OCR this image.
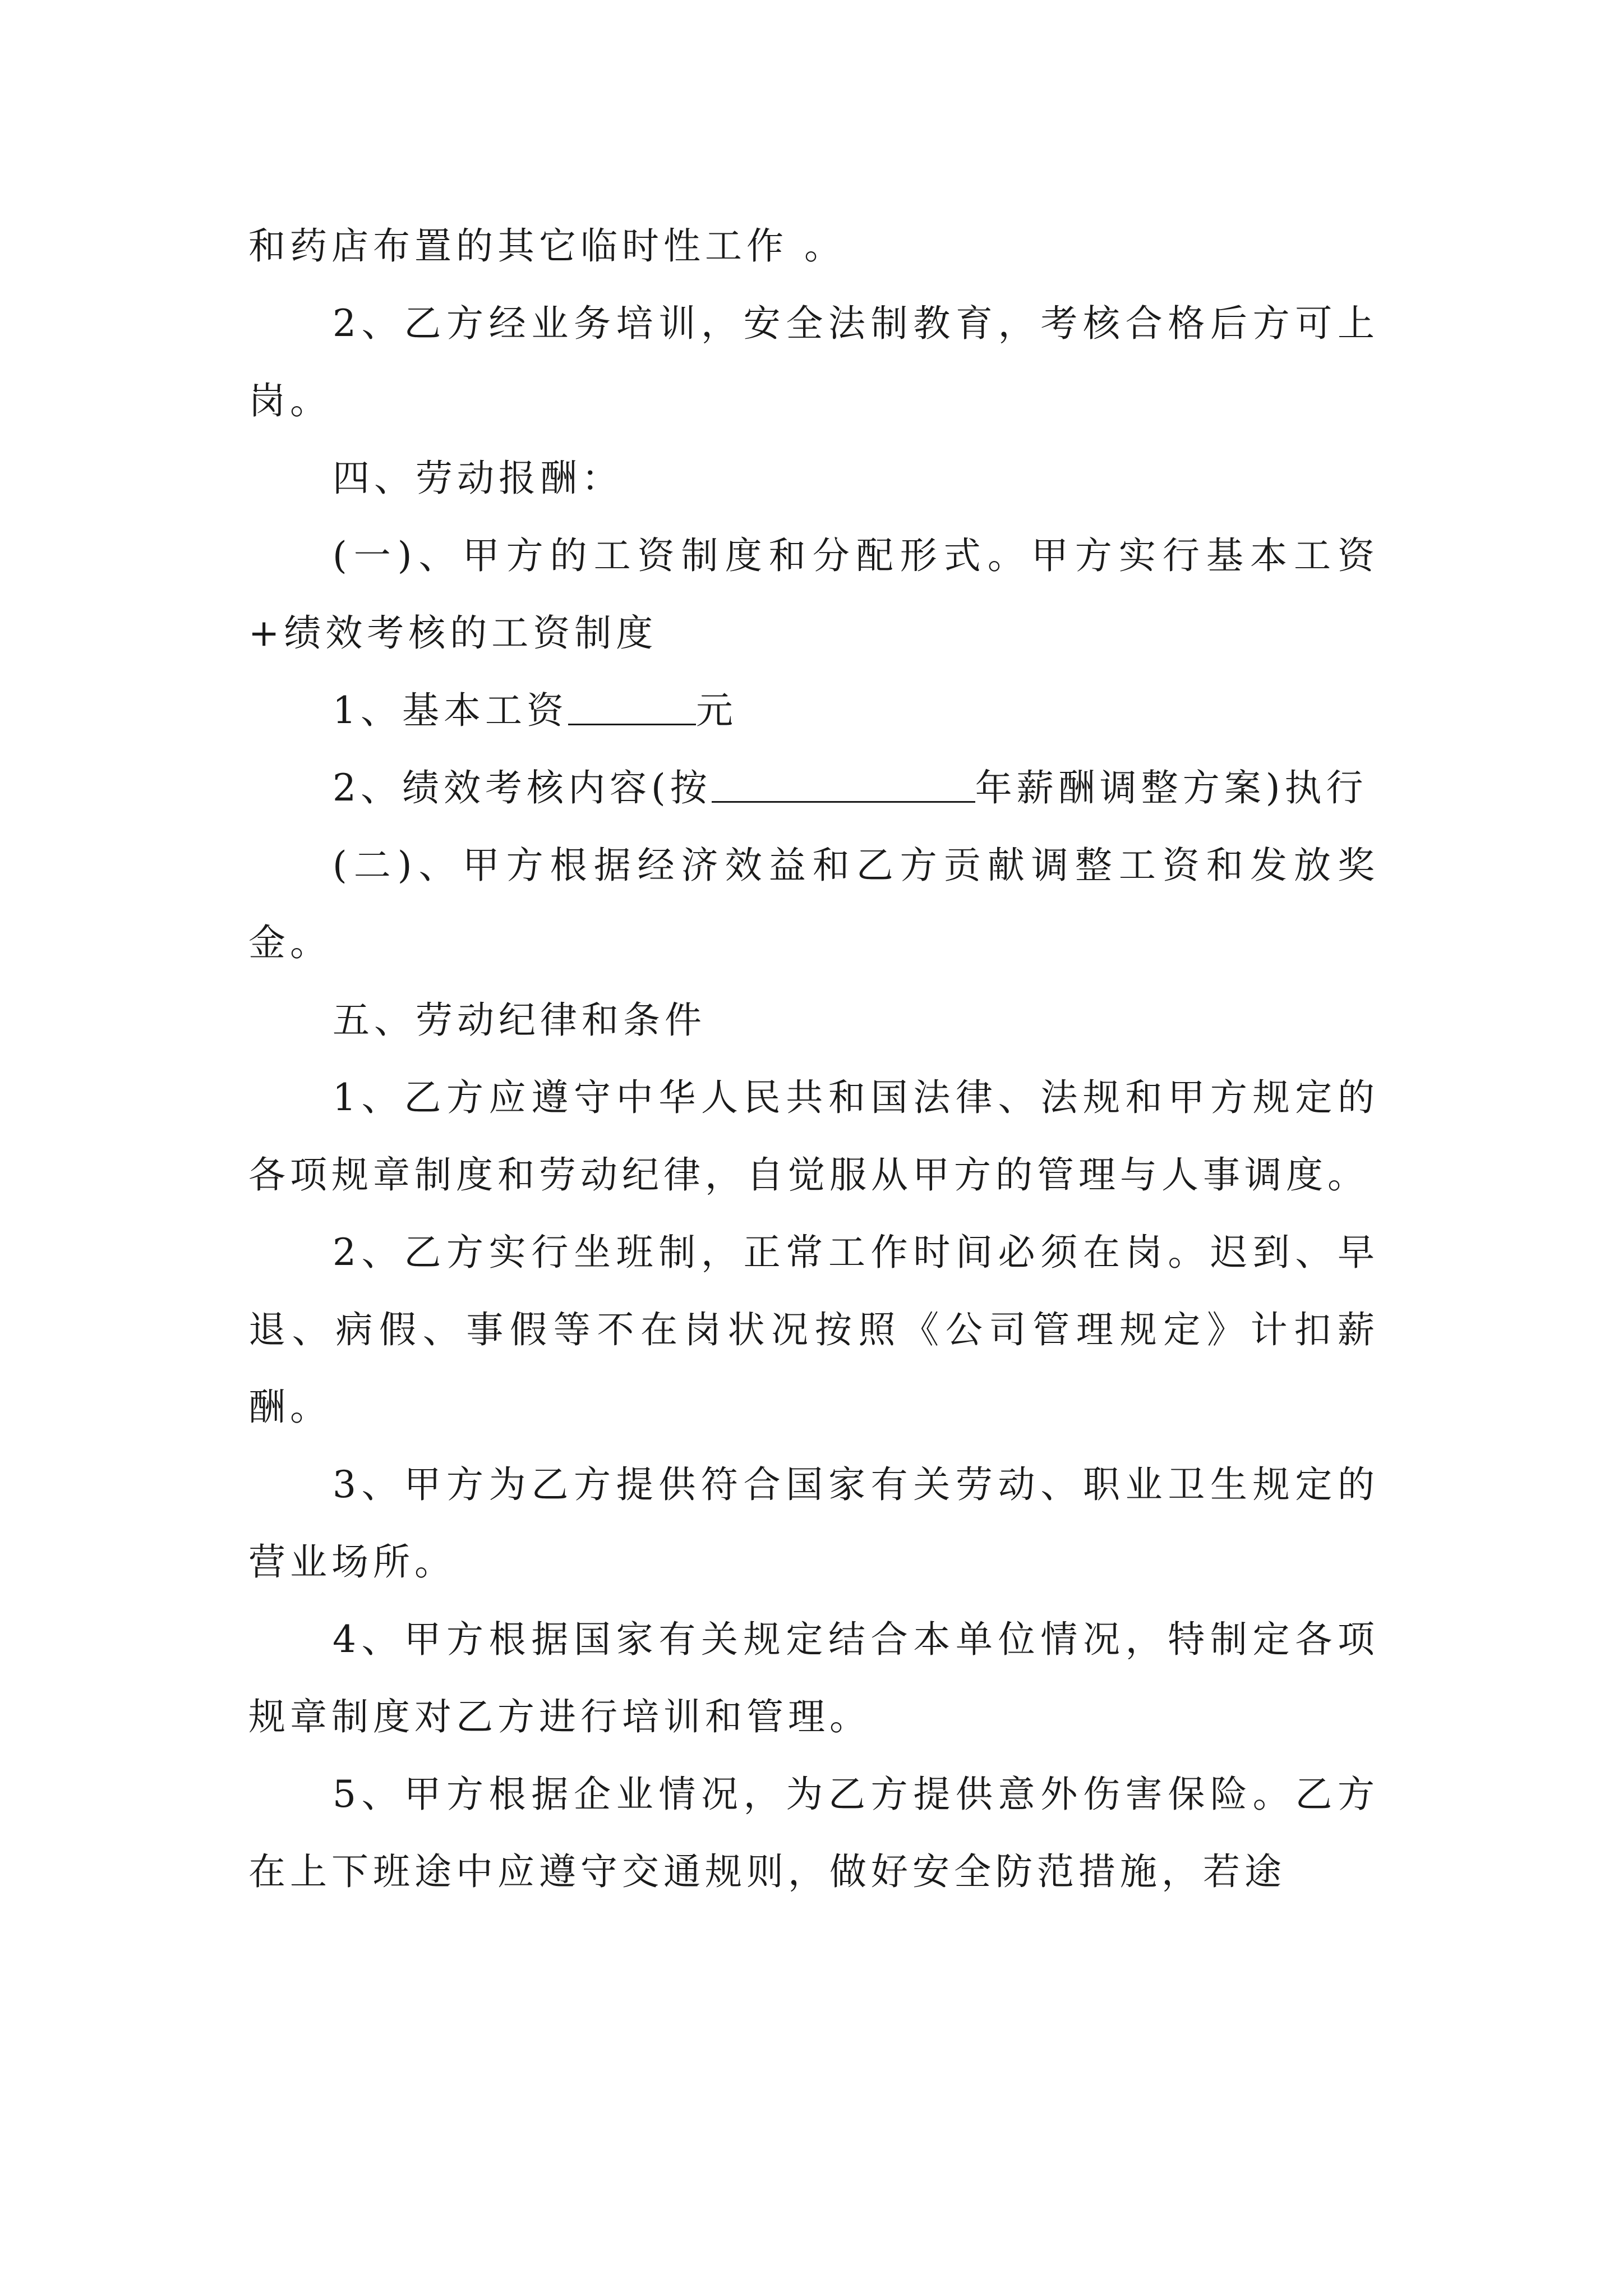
和药店布置的其它临时性工作 。

2、乙方经业务培训，安全法制教育，考核合格后方可上岗。

四、劳动报酬：

(一)、甲方的工资制度和分配形式。甲方实行基本工资+绩效考核的工资制度

1、基本工资	元

2、绩效考核内容(按	年薪酬调整方案)执行

(二)、甲方根据经济效益和乙方贡献调整工资和发放奖金。

五、劳动纪律和条件

1、乙方应遵守中华人民共和国法律、法规和甲方规定的各项规章制度和劳动纪律，自觉服从甲方的管理与人事调度。

2、乙方实行坐班制，正常工作时间必须在岗。迟到、早退、病假、事假等不在岗状况按照《公司管理规定》计扣薪酬。

3、甲方为乙方提供符合国家有关劳动、职业卫生规定的营业场所。

4、甲方根据国家有关规定结合本单位情况，特制定各项规章制度对乙方进行培训和管理。

5、甲方根据企业情况，为乙方提供意外伤害保险。乙方在上下班途中应遵守交通规则，做好安全防范措施，若途
